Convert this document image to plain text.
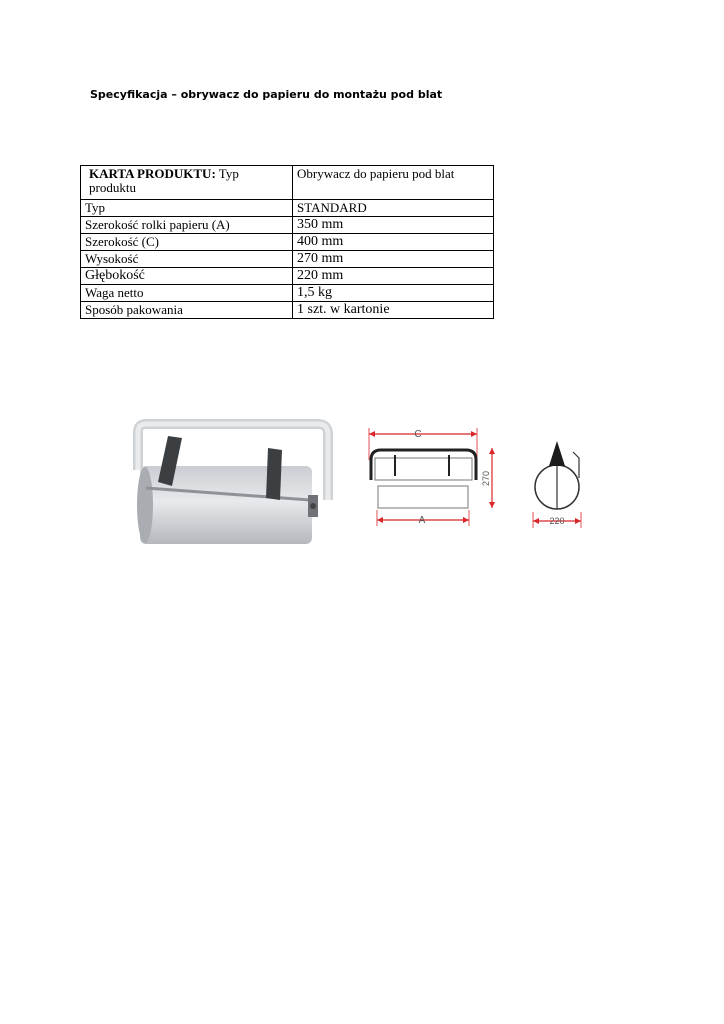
Specyfikacja – obrywacz do papieru do montażu pod blat
KARTA PRODUKTU: Typ produktu	Obrywacz do papieru pod blat
Typ	STANDARD
Szerokość rolki papieru (A)	350 mm
Szerokość (C)	400 mm
Wysokość	270 mm
Głębokość	220 mm
Waga netto	1,5 kg
Sposób pakowania	1 szt. w kartonie
C
A
270
220
